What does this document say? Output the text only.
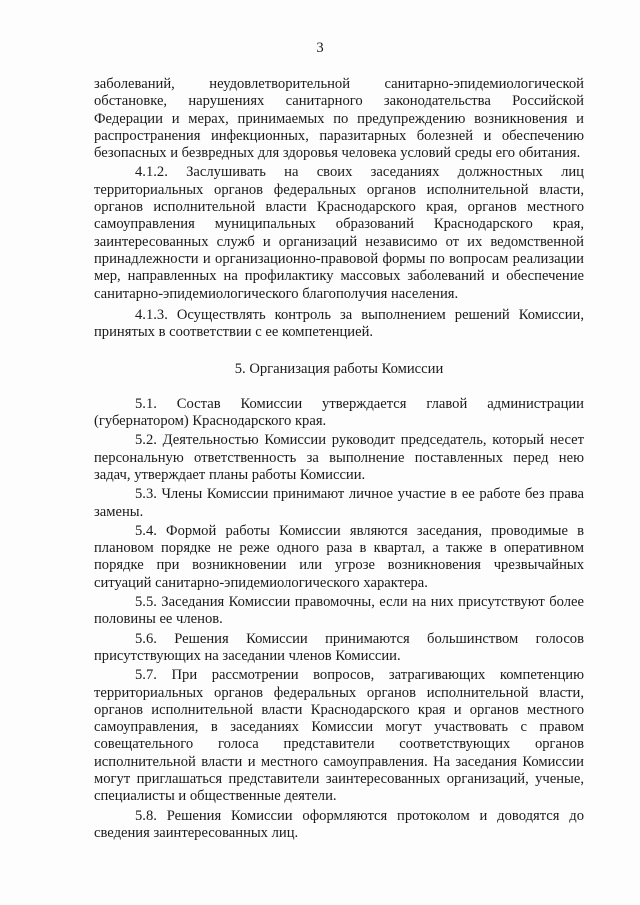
3

заболеваний, неудовлетворительной санитарно-эпидемиологической обстановке, нарушениях санитарного законодательства Российской Федерации и мерах, принимаемых по предупреждению возникновения и распространения инфекционных, паразитарных болезней и обеспечению безопасных и безвредных для здоровья человека условий среды его обитания.

4.1.2. Заслушивать на своих заседаниях должностных лиц территориальных органов федеральных органов исполнительной власти, органов исполнительной власти Краснодарского края, органов местного самоуправления муниципальных образований Краснодарского края, заинтересованных служб и организаций независимо от их ведомственной принадлежности и организационно-правовой формы по вопросам реализации мер, направленных на профилактику массовых заболеваний и обеспечение санитарно-эпидемиологического благополучия населения.

4.1.3. Осуществлять контроль за выполнением решений Комиссии, принятых в соответствии с ее компетенцией.

5. Организация работы Комиссии

5.1. Состав Комиссии утверждается главой администрации (губернатором) Краснодарского края.

5.2. Деятельностью Комиссии руководит председатель, который несет персональную ответственность за выполнение поставленных перед нею задач, утверждает планы работы Комиссии.

5.3. Члены Комиссии принимают личное участие в ее работе без права замены.

5.4. Формой работы Комиссии являются заседания, проводимые в плановом порядке не реже одного раза в квартал, а также в оперативном порядке при возникновении или угрозе возникновения чрезвычайных ситуаций санитарно-эпидемиологического характера.

5.5. Заседания Комиссии правомочны, если на них присутствуют более половины ее членов.

5.6. Решения Комиссии принимаются большинством голосов присутствующих на заседании членов Комиссии.

5.7. При рассмотрении вопросов, затрагивающих компетенцию территориальных органов федеральных органов исполнительной власти, органов исполнительной власти Краснодарского края и органов местного самоуправления, в заседаниях Комиссии могут участвовать с правом совещательного голоса представители соответствующих органов исполнительной власти и местного самоуправления. На заседания Комиссии могут приглашаться представители заинтересованных организаций, ученые, специалисты и общественные деятели.

5.8. Решения Комиссии оформляются протоколом и доводятся до сведения заинтересованных лиц.
